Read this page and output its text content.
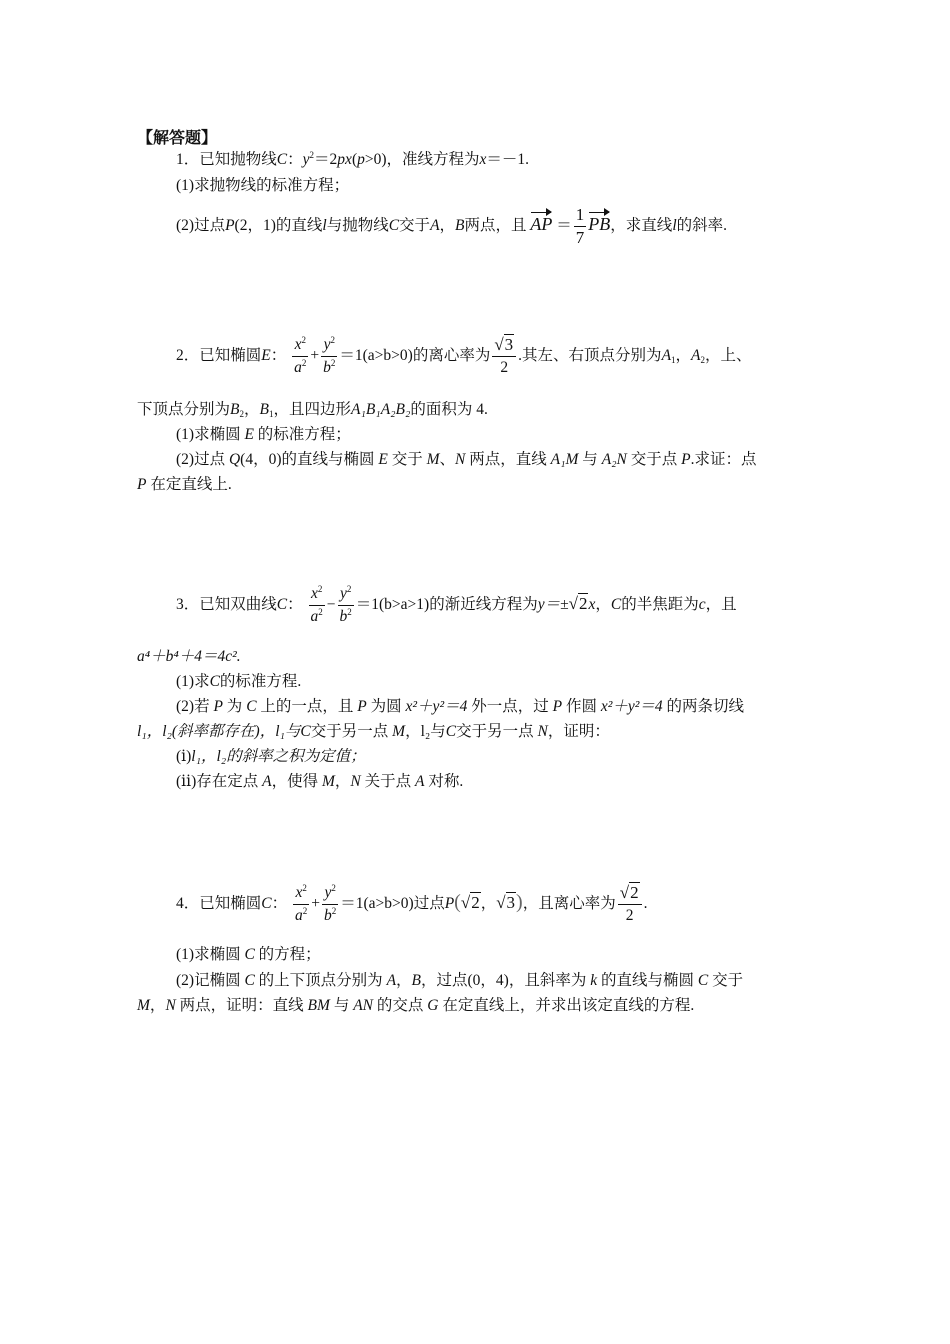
【解答题】
1．已知抛物线C：$y^2=2px(p>0)$，准线方程为x＝－1.
(1)求抛物线的标准方程；
(2)过点P(2，1)的直线l与抛物线C交于A，B两点，且 AP ＝ $\frac{1}{7}$ PB，求直线l的斜率.
2．已知椭圆E： $\frac{x^2}{a^2} + \frac{y^2}{b^2} =1(a>b>0)$的离心率为 $\frac{√3}{2}$ .其左、右顶点分别为$A_1$，$A_2$，上、
下顶点分别为$B_2$，$B_1$，且四边形A₁B₁A₂B₂的面积为 4.
(1)求椭圆 E 的标准方程；
(2)过点 Q(4，0)的直线与椭圆 E 交于 M、N 两点，直线 A₁M 与 A₂N 交于点 P.求证：点
P 在定直线上.
3．已知双曲线C： $\frac{x^2}{a^2} - \frac{y^2}{b^2} =1(b>a>1)$的渐近线方程为y＝±√2x，C的半焦距为c，且
a⁴＋b⁴＋4＝4c².
(1)求C的标准方程.
(2)若 P 为 C 上的一点，且 P 为圆 x²＋y²＝4 外一点，过 P 作圆 x²＋y²＝4 的两条切线
l₁，l₂(斜率都存在)，l₁与C交于另一点 M，l₂与C交于另一点 N，证明：
(ⅰ)l₁，l₂的斜率之积为定值；
(ⅱ)存在定点 A，使得 M，N 关于点 A 对称.
4．已知椭圆C： $\frac{x^2}{a^2} + \frac{y^2}{b^2} =1(a>b>0)$过点P(√2，√3)，且离心率为 $\frac{√2}{2}$ .
(1)求椭圆 C 的方程；
(2)记椭圆 C 的上下顶点分别为 A，B，过点(0，4)，且斜率为 k 的直线与椭圆 C 交于
M，N 两点，证明：直线 BM 与 AN 的交点 G 在定直线上，并求出该定直线的方程.
